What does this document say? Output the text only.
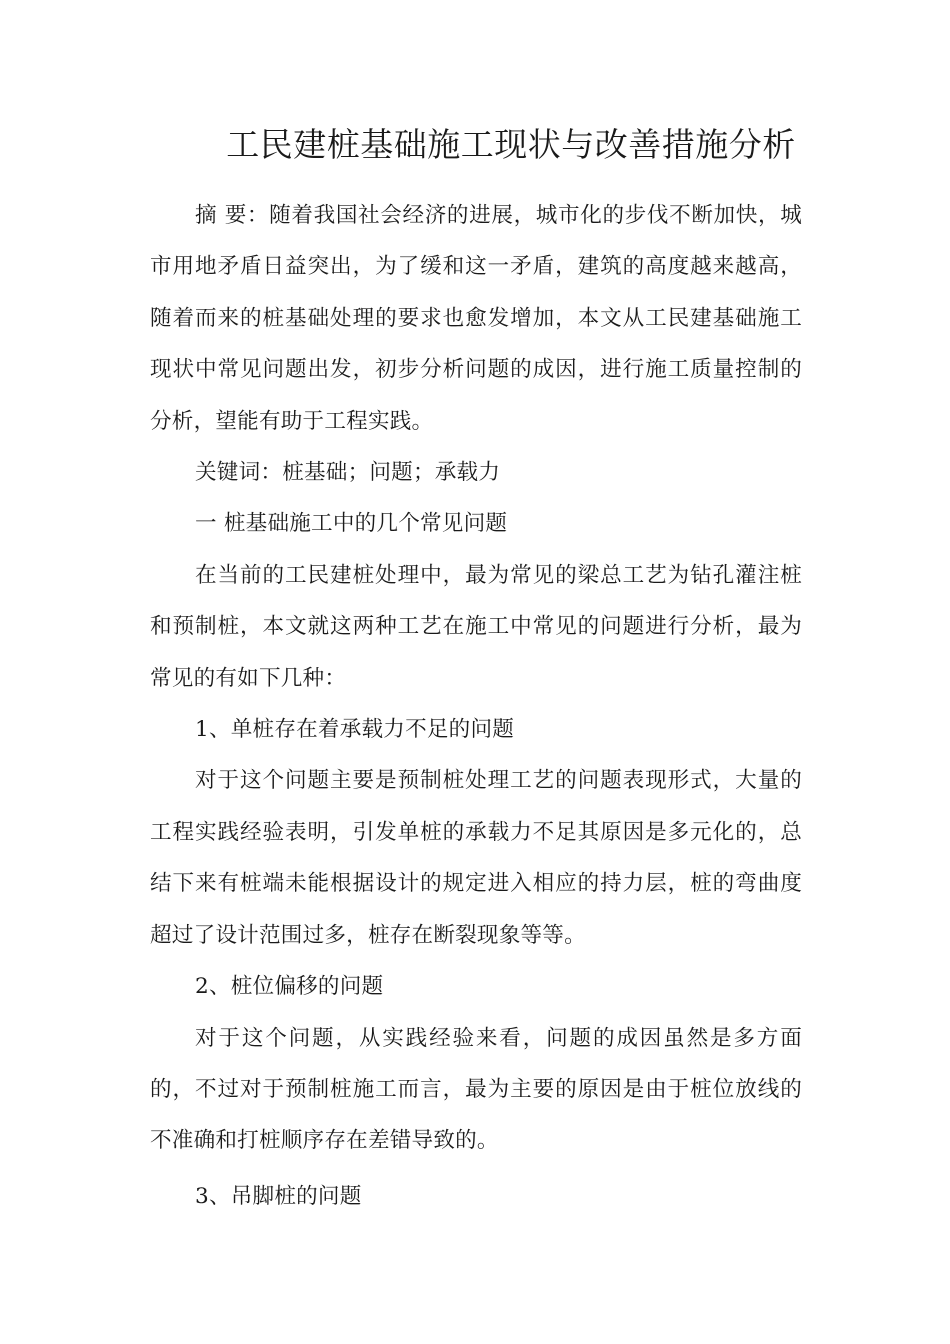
工民建桩基础施工现状与改善措施分析

摘 要：随着我国社会经济的进展，城市化的步伐不断加快，城市用地矛盾日益突出，为了缓和这一矛盾，建筑的高度越来越高，随着而来的桩基础处理的要求也愈发增加，本文从工民建基础施工现状中常见问题出发，初步分析问题的成因，进行施工质量控制的分析，望能有助于工程实践。

关键词：桩基础；问题；承载力

一 桩基础施工中的几个常见问题

在当前的工民建桩处理中，最为常见的梁总工艺为钻孔灌注桩和预制桩，本文就这两种工艺在施工中常见的问题进行分析，最为常见的有如下几种：

1、单桩存在着承载力不足的问题

对于这个问题主要是预制桩处理工艺的问题表现形式，大量的工程实践经验表明，引发单桩的承载力不足其原因是多元化的，总结下来有桩端未能根据设计的规定进入相应的持力层，桩的弯曲度超过了设计范围过多，桩存在断裂现象等等。

2、桩位偏移的问题

对于这个问题，从实践经验来看，问题的成因虽然是多方面的，不过对于预制桩施工而言，最为主要的原因是由于桩位放线的不准确和打桩顺序存在差错导致的。

3、吊脚桩的问题
